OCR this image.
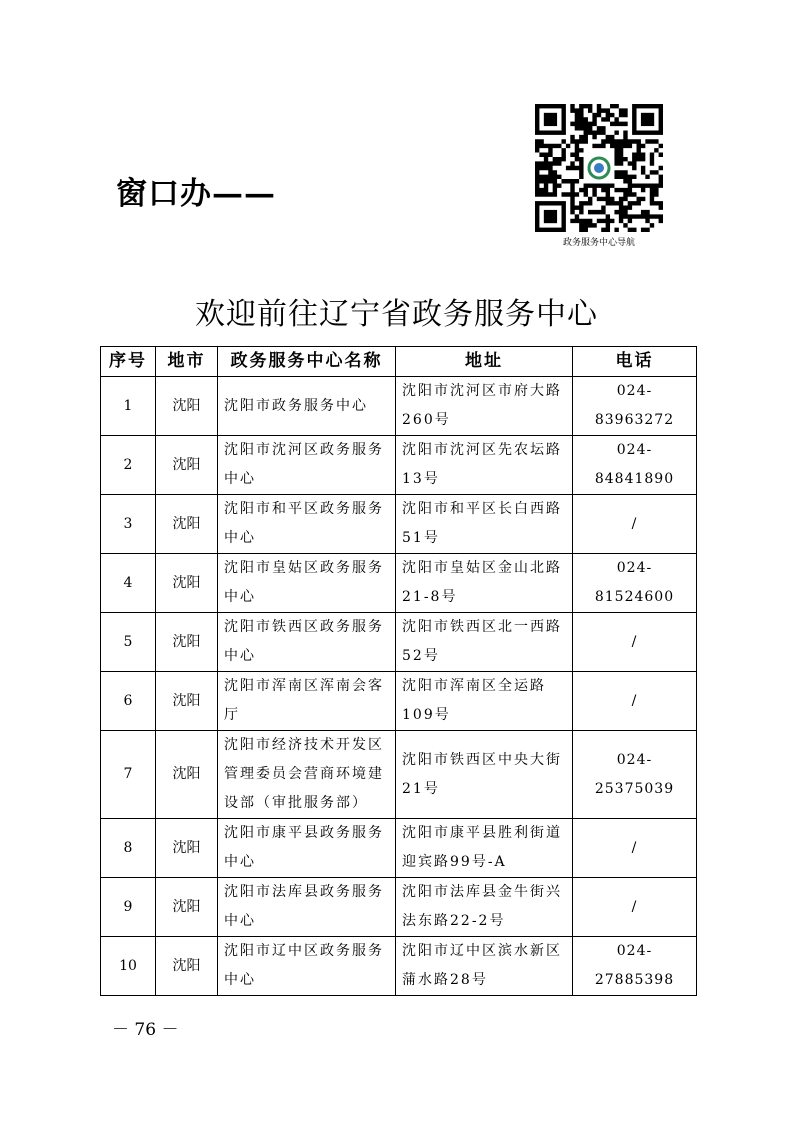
窗口办——
政务服务中心导航
欢迎前往辽宁省政务服务中心
序号	地市	政务服务中心名称	地址	电话
1	沈阳	沈阳市政务服务中心	沈阳市沈河区市府大路260号	024-83963272
2	沈阳	沈阳市沈河区政务服务中心	沈阳市沈河区先农坛路13号	024-84841890
3	沈阳	沈阳市和平区政务服务中心	沈阳市和平区长白西路51号	/
4	沈阳	沈阳市皇姑区政务服务中心	沈阳市皇姑区金山北路21-8号	024-81524600
5	沈阳	沈阳市铁西区政务服务中心	沈阳市铁西区北一西路52号	/
6	沈阳	沈阳市浑南区浑南会客厅	沈阳市浑南区全运路109号	/
7	沈阳	沈阳市经济技术开发区管理委员会营商环境建设部（审批服务部）	沈阳市铁西区中央大街21号	024-25375039
8	沈阳	沈阳市康平县政务服务中心	沈阳市康平县胜利街道迎宾路99号-A	/
9	沈阳	沈阳市法库县政务服务中心	沈阳市法库县金牛街兴法东路22-2号	/
10	沈阳	沈阳市辽中区政务服务中心	沈阳市辽中区滨水新区蒲水路28号	024-27885398
－ 76 －
